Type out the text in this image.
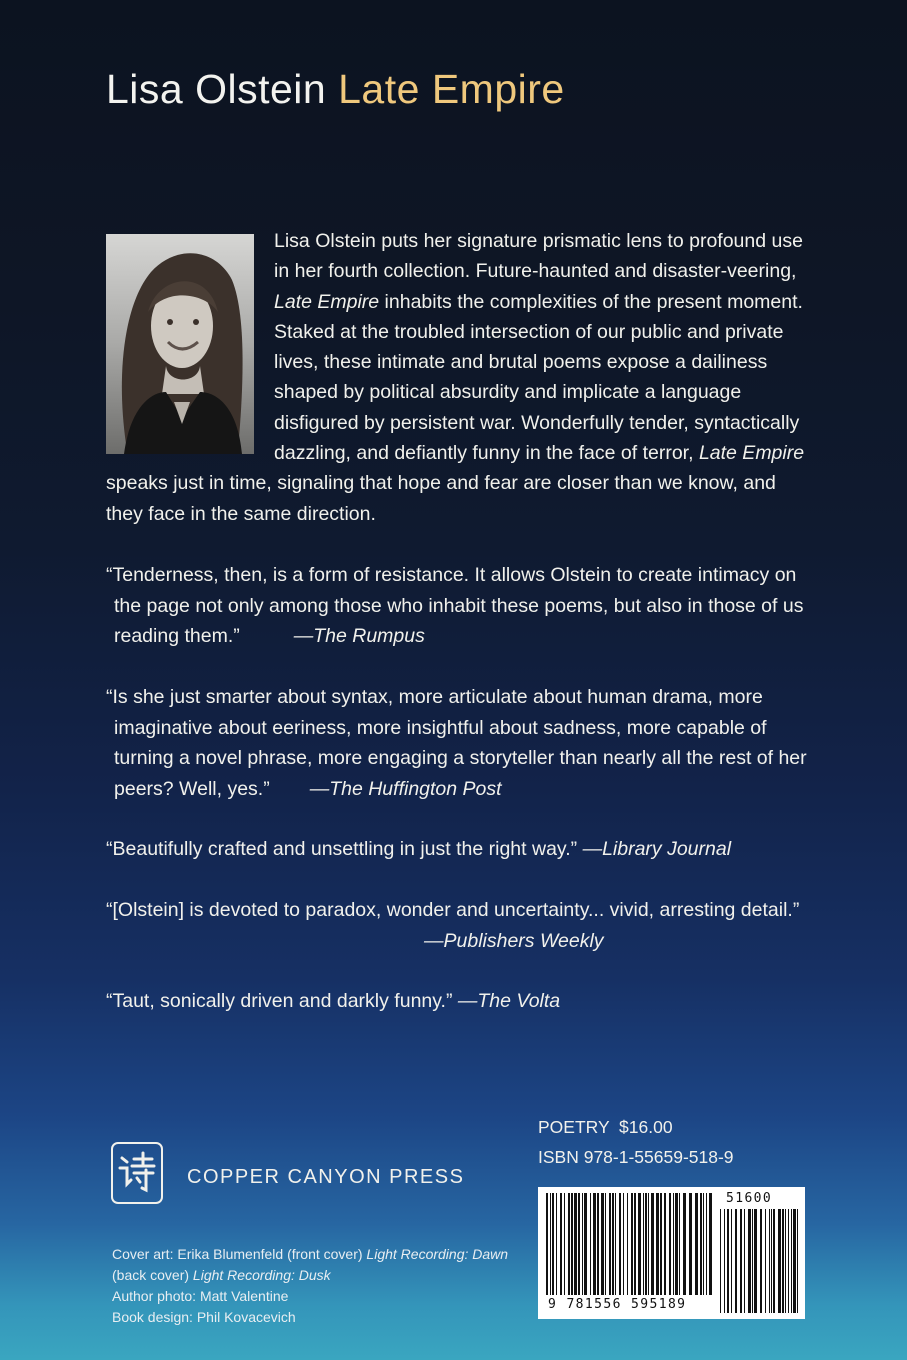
Lisa Olstein Late Empire

Lisa Olstein puts her signature prismatic lens to profound use in her fourth collection. Future-haunted and disaster-veering, Late Empire inhabits the complexities of the present moment. Staked at the troubled intersection of our public and private lives, these intimate and brutal poems expose a dailiness shaped by political absurdity and implicate a language disfigured by persistent war. Wonderfully tender, syntactically dazzling, and defiantly funny in the face of terror, Late Empire speaks just in time, signaling that hope and fear are closer than we know, and they face in the same direction.

“Tenderness, then, is a form of resistance. It allows Olstein to create intimacy on the page not only among those who inhabit these poems, but also in those of us reading them.”	—The Rumpus

“Is she just smarter about syntax, more articulate about human drama, more imaginative about eeriness, more insightful about sadness, more capable of turning a novel phrase, more engaging a storyteller than nearly all the rest of her peers? Well, yes.” —The Huffington Post

“Beautifully crafted and unsettling in just the right way.” —Library Journal

“[Olstein] is devoted to paradox, wonder and uncertainty... vivid, arresting detail.”—Publishers Weekly

“Taut, sonically driven and darkly funny.” —The Volta

POETRY  $16.00
ISBN 978-1-55659-518-9

COPPER CANYON PRESS

Cover art: Erika Blumenfeld (front cover) Light Recording: Dawn (back cover) Light Recording: Dusk
Author photo: Matt Valentine
Book design: Phil Kovacevich
9 781556 595189
51600
